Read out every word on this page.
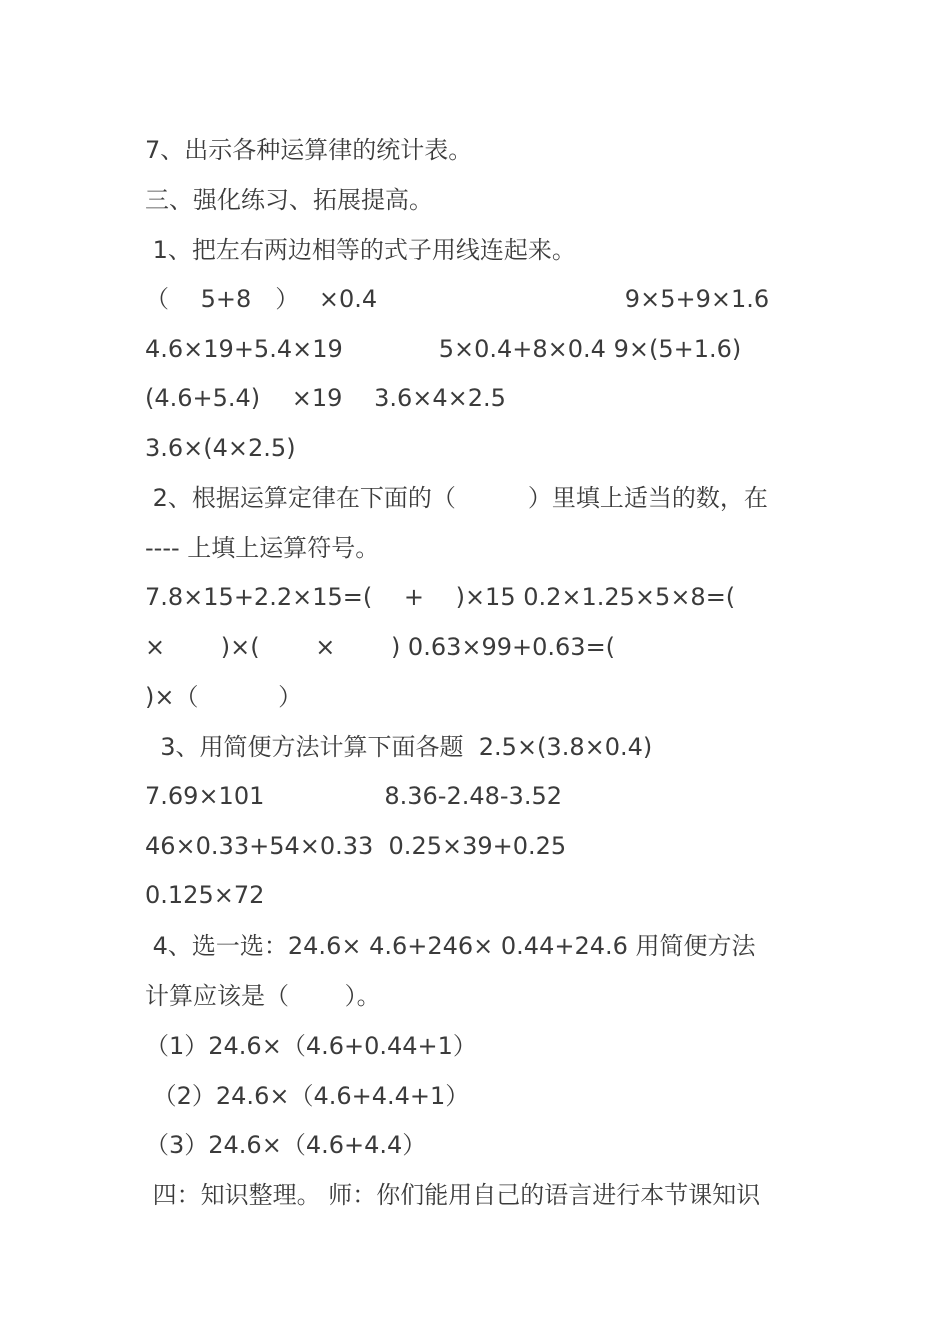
7、出示各种运算律的统计表。
三、强化练习、拓展提高。
1、把左右两边相等的式子用线连起来。
（　 5+8　）　 ×0.4　　　　　　　　　　 9×5+9×1.6
4.6×19+5.4×19　　　　5×0.4+8×0.4 9×(5+1.6)
(4.6+5.4)　 ×19　 3.6×4×2.5
3.6×(4×2.5)
2、根据运算定律在下面的（　　　）里填上适当的数，在
---- 上填上运算符号。
7.8×15+2.2×15=(　 +　 )×15 0.2×1.25×5×8=(
×　　 )×(　　 ×　　 ) 0.63×99+0.63=(
)×（　　　 ）
3、用简便方法计算下面各题  2.5×(3.8×0.4)
7.69×101　　　　　8.36-2.48-3.52
46×0.33+54×0.33  0.25×39+0.25
0.125×72
4、选一选：24.6× 4.6+246× 0.44+24.6 用简便方法
计算应该是（　　 ）。
（1）24.6×（4.6+0.44+1）
（2）24.6×（4.6+4.4+1）
（3）24.6×（4.6+4.4）
四：知识整理。 师：你们能用自己的语言进行本节课知识
